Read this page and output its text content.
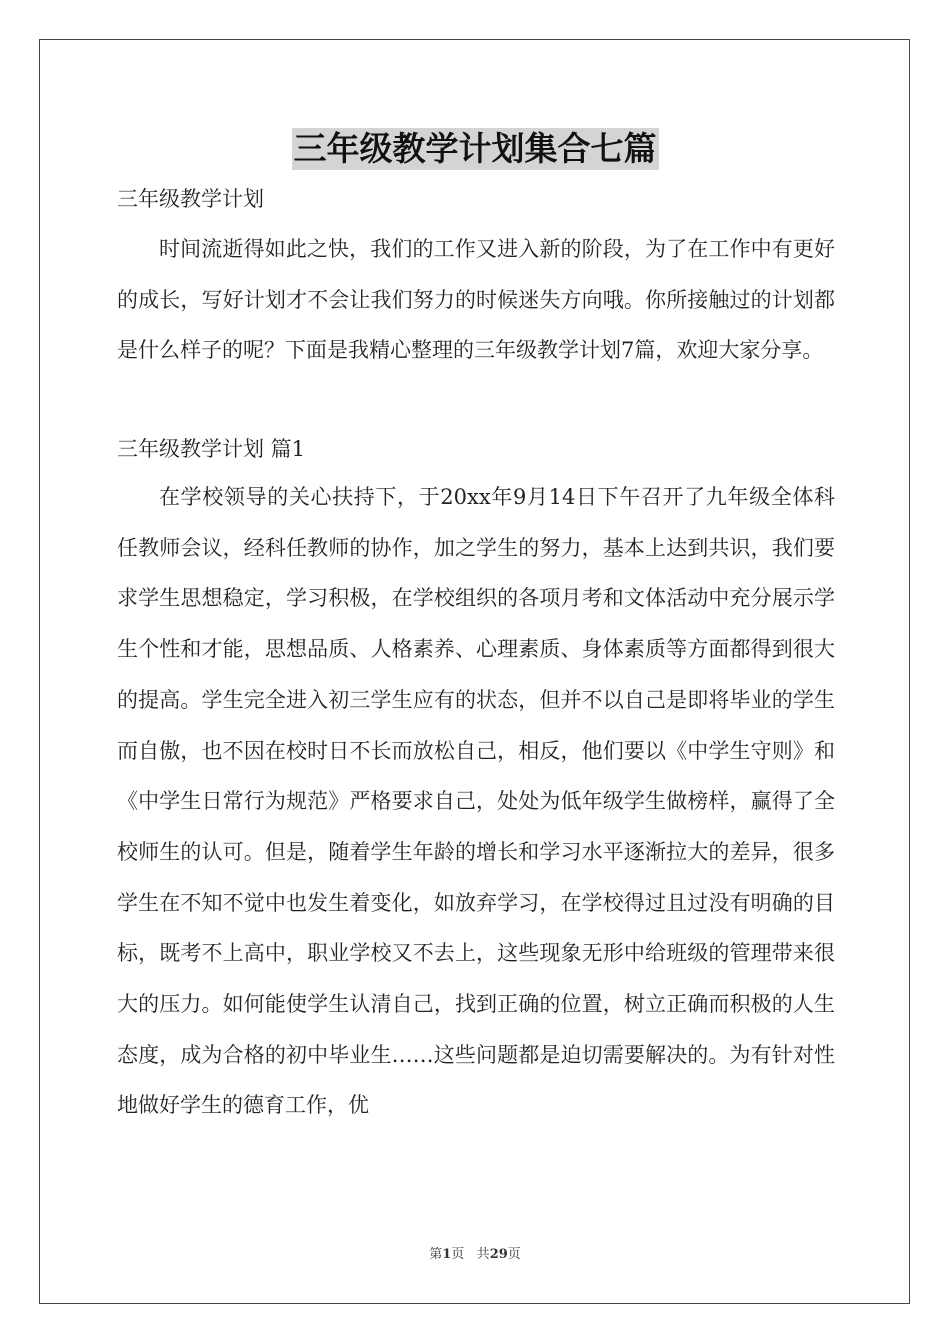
三年级教学计划集合七篇
三年级教学计划

时间流逝得如此之快，我们的工作又进入新的阶段，为了在工作中有更好的成长，写好计划才不会让我们努力的时候迷失方向哦。你所接触过的计划都是什么样子的呢？下面是我精心整理的三年级教学计划7篇，欢迎大家分享。

三年级教学计划 篇1

在学校领导的关心扶持下，于20xx年9月14日下午召开了九年级全体科任教师会议，经科任教师的协作，加之学生的努力，基本上达到共识，我们要求学生思想稳定，学习积极，在学校组织的各项月考和文体活动中充分展示学生个性和才能，思想品质、人格素养、心理素质、身体素质等方面都得到很大的提高。学生完全进入初三学生应有的状态，但并不以自己是即将毕业的学生而自傲，也不因在校时日不长而放松自己，相反，他们要以《中学生守则》和《中学生日常行为规范》严格要求自己，处处为低年级学生做榜样，赢得了全校师生的认可。但是，随着学生年龄的增长和学习水平逐渐拉大的差异，很多学生在不知不觉中也发生着变化，如放弃学习，在学校得过且过没有明确的目标，既考不上高中，职业学校又不去上，这些现象无形中给班级的管理带来很大的压力。如何能使学生认清自己，找到正确的位置，树立正确而积极的人生态度，成为合格的初中毕业生……这些问题都是迫切需要解决的。为有针对性地做好学生的德育工作，优

第1页 共29页
